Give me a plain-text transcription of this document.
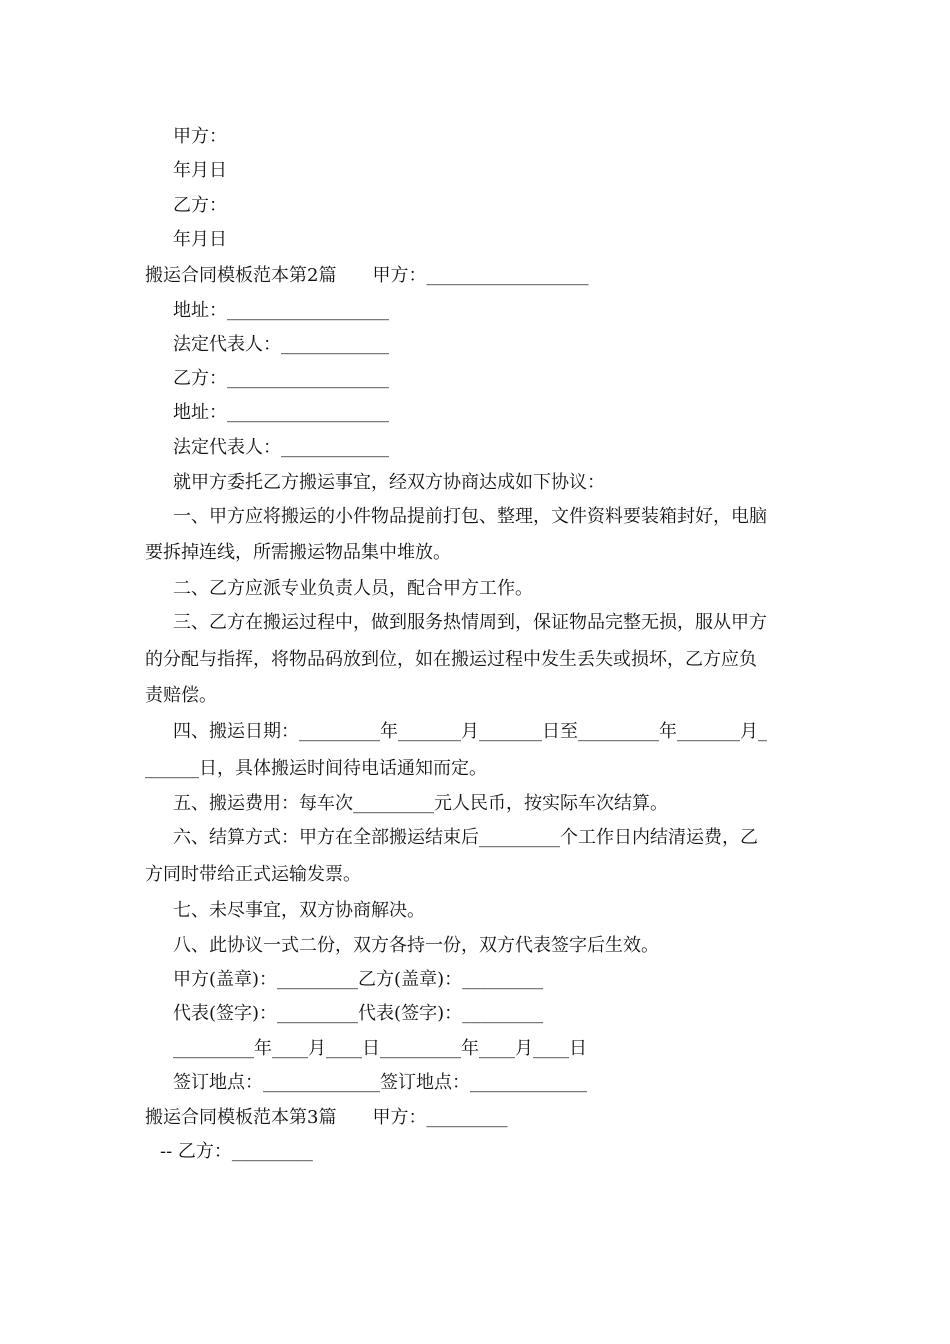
甲方：
年月日
乙方：
年月日
搬运合同模板范本第2篇　　甲方：__________________
地址：__________________
法定代表人：____________
乙方：__________________
地址：__________________
法定代表人：____________
就甲方委托乙方搬运事宜，经双方协商达成如下协议：
一、甲方应将搬运的小件物品提前打包、整理，文件资料要装箱封好，电脑
要拆掉连线，所需搬运物品集中堆放。
二、乙方应派专业负责人员，配合甲方工作。
三、乙方在搬运过程中，做到服务热情周到，保证物品完整无损，服从甲方
的分配与指挥，将物品码放到位，如在搬运过程中发生丢失或损坏，乙方应负
责赔偿。
四、搬运日期：_________年_______月_______日至_________年_______月_
______日，具体搬运时间待电话通知而定。
五、搬运费用：每车次_________元人民币，按实际车次结算。
六、结算方式：甲方在全部搬运结束后_________个工作日内结清运费，乙
方同时带给正式运输发票。
七、未尽事宜，双方协商解决。
八、此协议一式二份，双方各持一份，双方代表签字后生效。
甲方(盖章)：_________乙方(盖章)：_________
代表(签字)：_________代表(签字)：_________
_________年____月____日_________年____月____日
签订地点：_____________签订地点：_____________
搬运合同模板范本第3篇　　甲方：_________
-- 乙方：_________
